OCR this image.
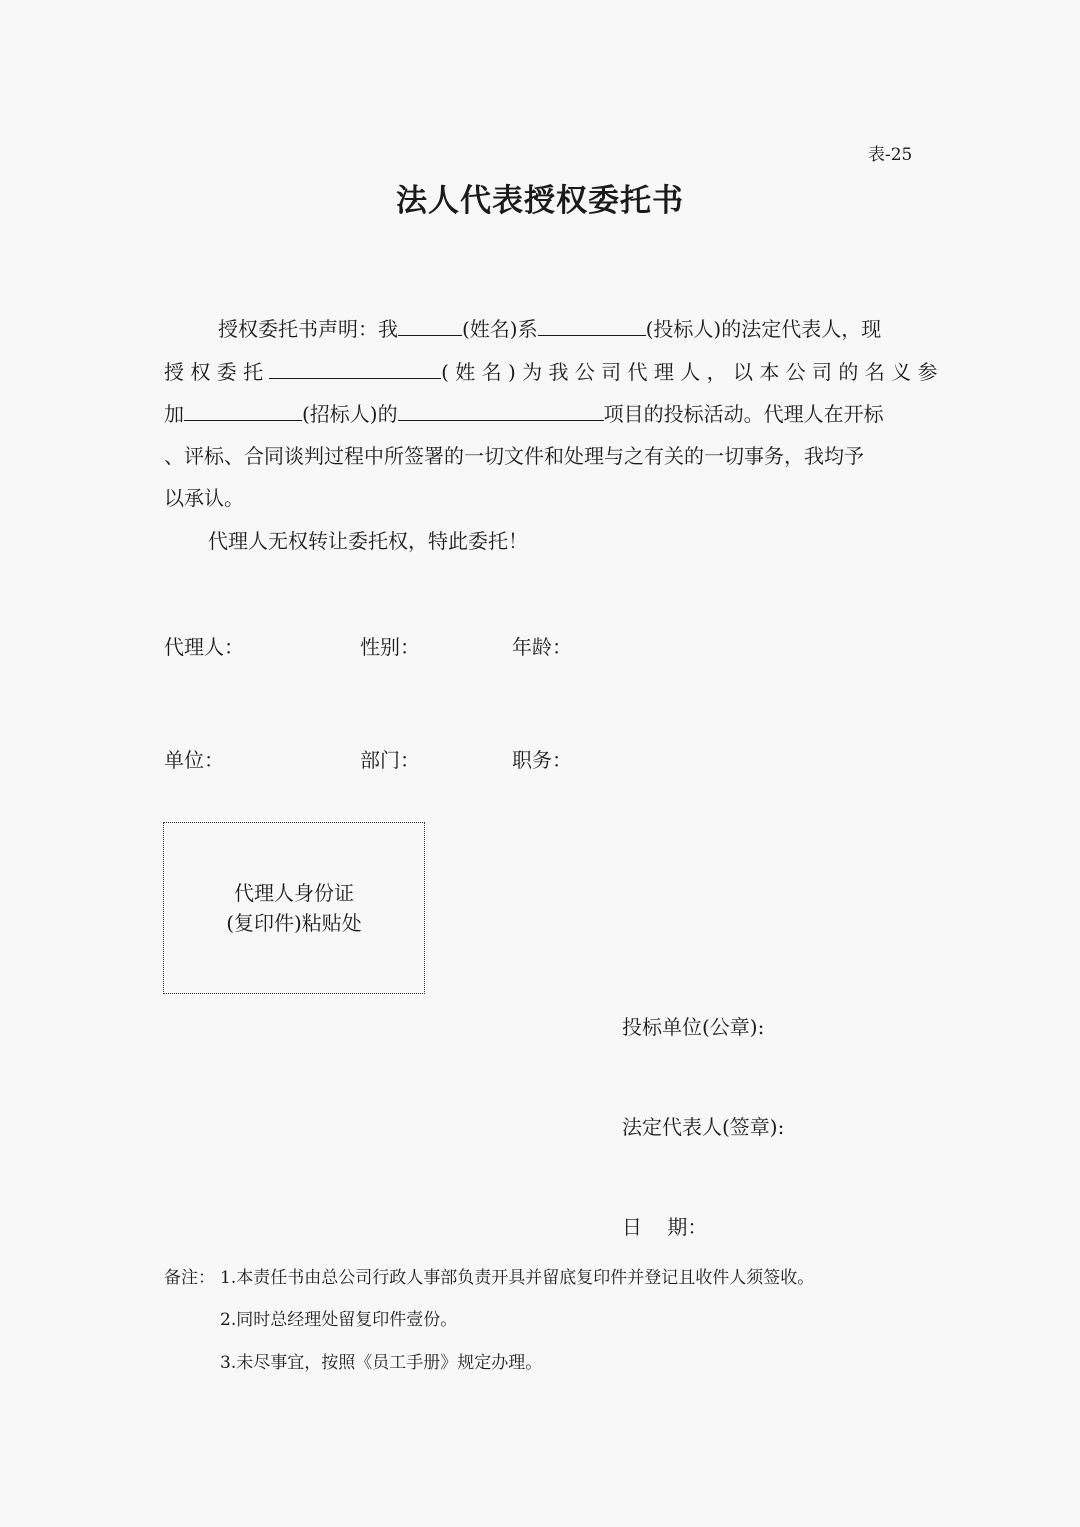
表-25
法人代表授权委托书
授权委托书声明：我	(姓名)系	(投标人)的法定代表人，现
授 权 委 托	( 姓 名 ) 为 我 公 司 代 理 人 ， 以 本 公 司 的 名 义 参
加	(招标人)的	项目的投标活动。代理人在开标
、评标、合同谈判过程中所签署的一切文件和处理与之有关的一切事务，我均予
以承认。
代理人无权转让委托权，特此委托！
代理人：	性别：	年龄：
单位：	部门：	职务：
代理人身份证
(复印件)粘贴处
投标单位(公章):
法定代表人(签章):
日    期：
备注： 1.本责任书由总公司行政人事部负责开具并留底复印件并登记且收件人须签收。
2.同时总经理处留复印件壹份。
3.未尽事宜，按照《员工手册》规定办理。
